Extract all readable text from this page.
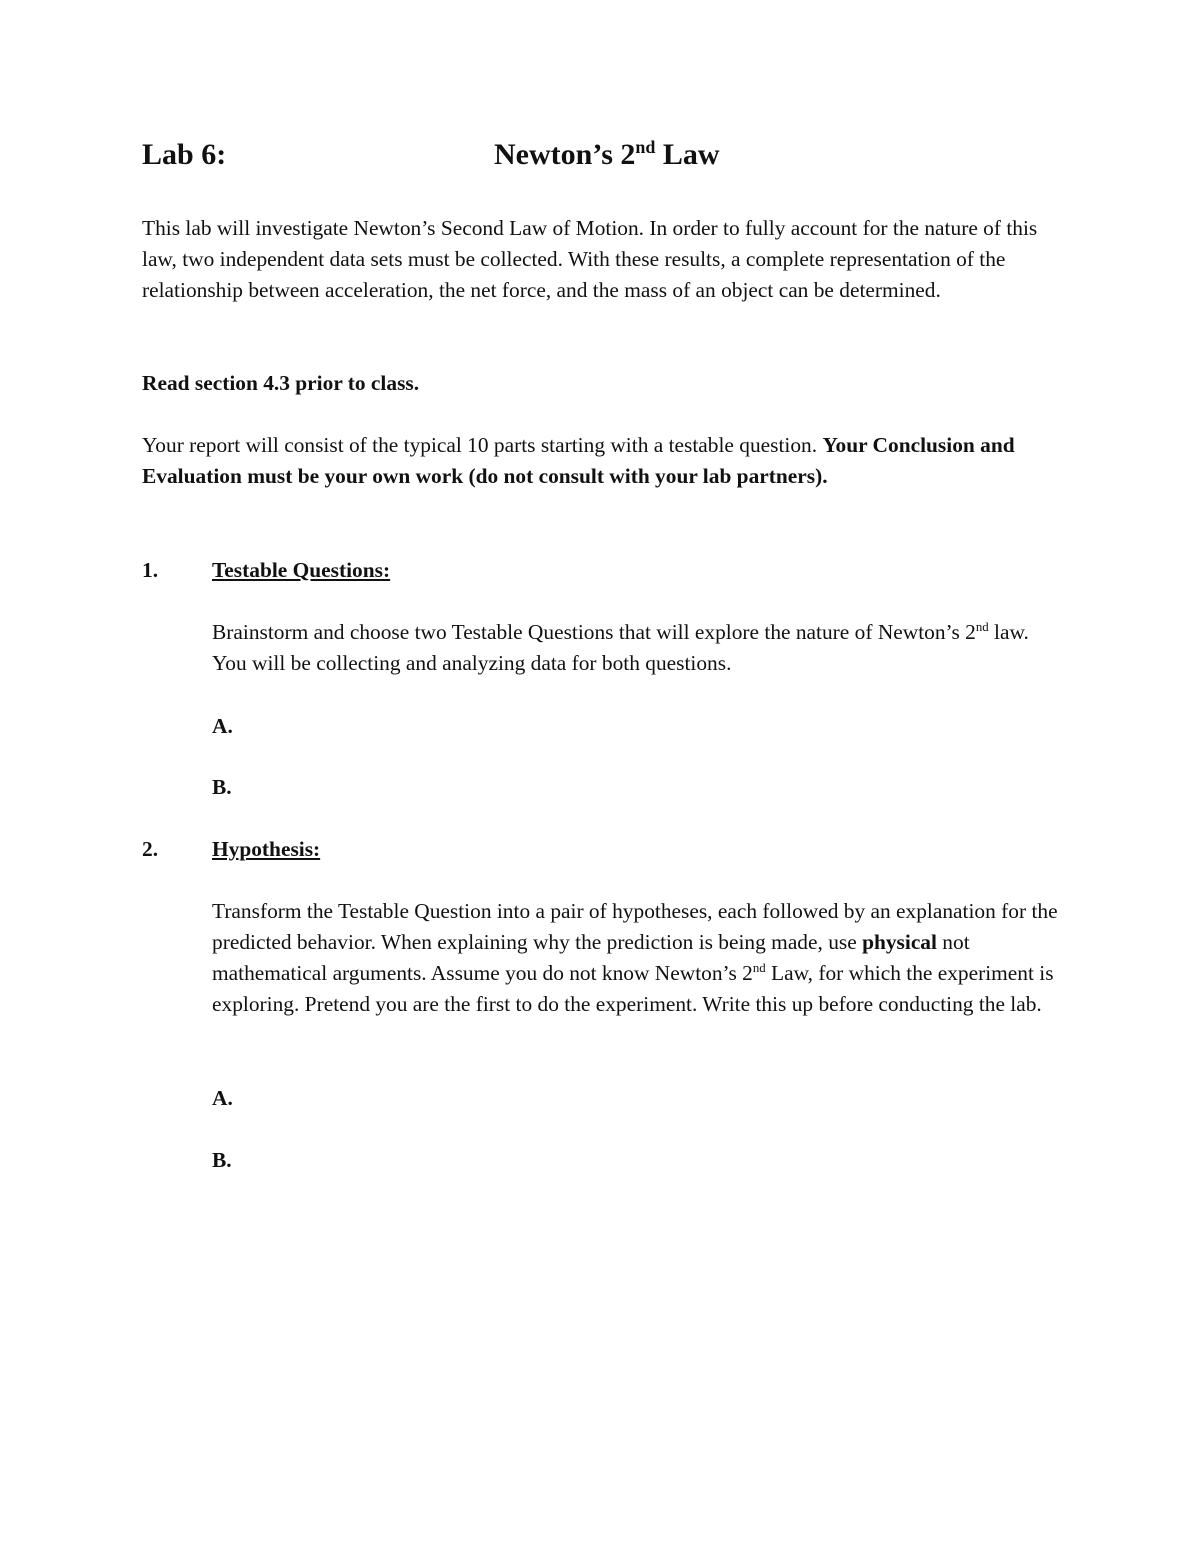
Lab 6:	Newton’s 2nd Law
This lab will investigate Newton’s Second Law of Motion. In order to fully account for the nature of this law, two independent data sets must be collected. With these results, a complete representation of the relationship between acceleration, the net force, and the mass of an object can be determined.
Read section 4.3 prior to class.
Your report will consist of the typical 10 parts starting with a testable question. Your Conclusion and Evaluation must be your own work (do not consult with your lab partners).
1.	Testable Questions:
Brainstorm and choose two Testable Questions that will explore the nature of Newton’s 2nd law. You will be collecting and analyzing data for both questions.
A.
B.
2.	Hypothesis:
Transform the Testable Question into a pair of hypotheses, each followed by an explanation for the predicted behavior. When explaining why the prediction is being made, use physical not mathematical arguments. Assume you do not know Newton’s 2nd Law, for which the experiment is exploring. Pretend you are the first to do the experiment. Write this up before conducting the lab.
A.
B.
